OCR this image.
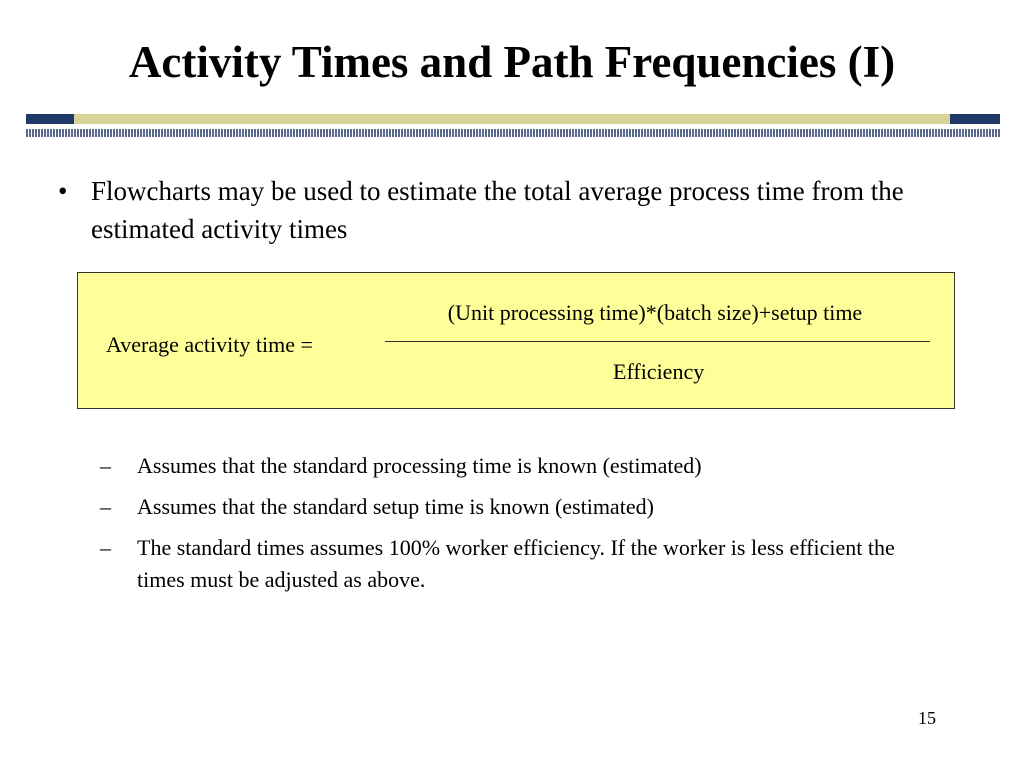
Activity Times and Path Frequencies (I)
• Flowcharts may be used to estimate the total average process time from the estimated activity times
Average activity time =
(Unit processing time)*(batch size)+setup time
Efficiency
– Assumes that the standard processing time is known (estimated)
– Assumes that the standard setup time is known (estimated)
– The standard times assumes 100% worker efficiency. If the worker is less efficient the times must be adjusted as above.
15
